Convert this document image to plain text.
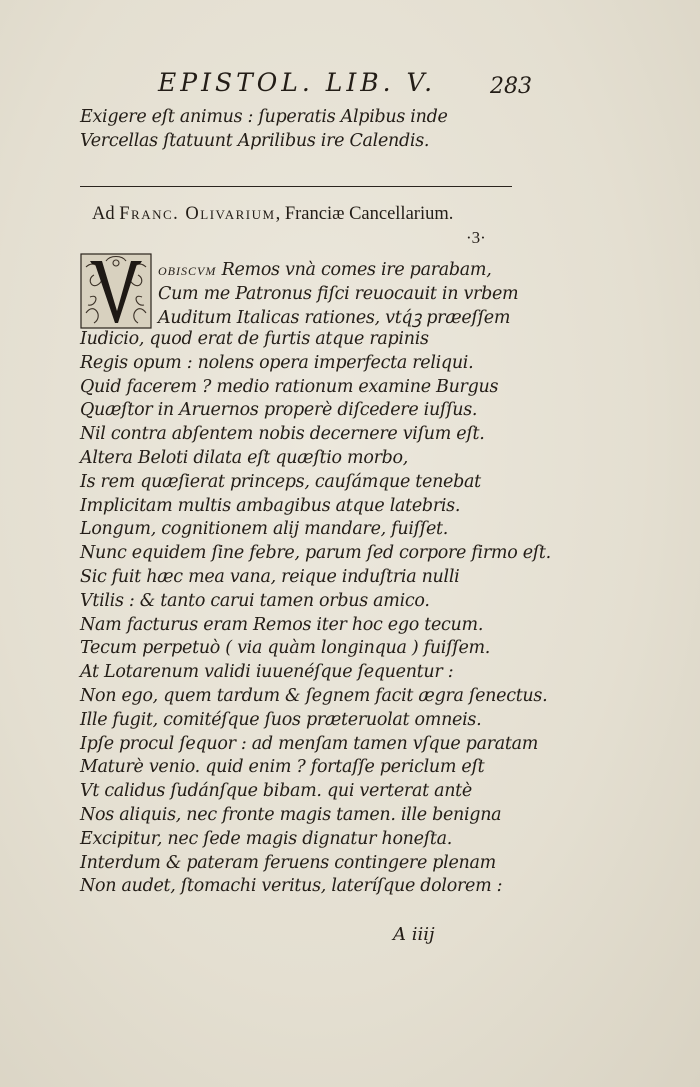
EPISTOL. LIB. V. 283
Exigere eſt animus : ſuperatis Alpibus inde
Vercellas ſtatuunt Aprilibus ire Calendis.
Ad Franc. Olivarium, Franciæ Cancellarium.
·3·
obiscvm Remos vnà comes ire parabam,
Cum me Patronus fiſci reuocauit in vrbem
Auditum Italicas rationes, vtq́ꝫ præeſſem
Iudicio, quod erat de furtis atque rapinis
Regis opum : nolens opera imperfecta reliqui.
Quid facerem ? medio rationum examine Burgus
Quæſtor in Aruernos properè diſcedere iuſſus.
Nil contra abſentem nobis decernere viſum eſt.
Altera Beloti dilata eſt quæſtio morbo,
Is rem quæſierat princeps, cauſámque tenebat
Implicitam multis ambagibus atque latebris.
Longum, cognitionem alij mandare, fuiſſet.
Nunc equidem ſine febre, parum ſed corpore firmo eſt.
Sic fuit hæc mea vana, reique induſtria nulli
Vtilis : & tanto carui tamen orbus amico.
Nam facturus eram Remos iter hoc ego tecum.
Tecum perpetuò ( via quàm longinqua ) fuiſſem.
At Lotarenum validi iuuenéſque ſequentur :
Non ego, quem tardum & ſegnem facit ægra ſenectus.
Ille fugit, comitéſque ſuos præteruolat omneis.
Ipſe procul ſequor : ad menſam tamen vſque paratam
Maturè venio. quid enim ? fortaſſe periclum eſt
Vt calidus ſudánſque bibam. qui verterat antè
Nos aliquis, nec fronte magis tamen. ille benigna
Excipitur, nec ſede magis dignatur honeſta.
Interdum & pateram feruens contingere plenam
Non audet, ſtomachi veritus, lateríſque dolorem :
A iiij
